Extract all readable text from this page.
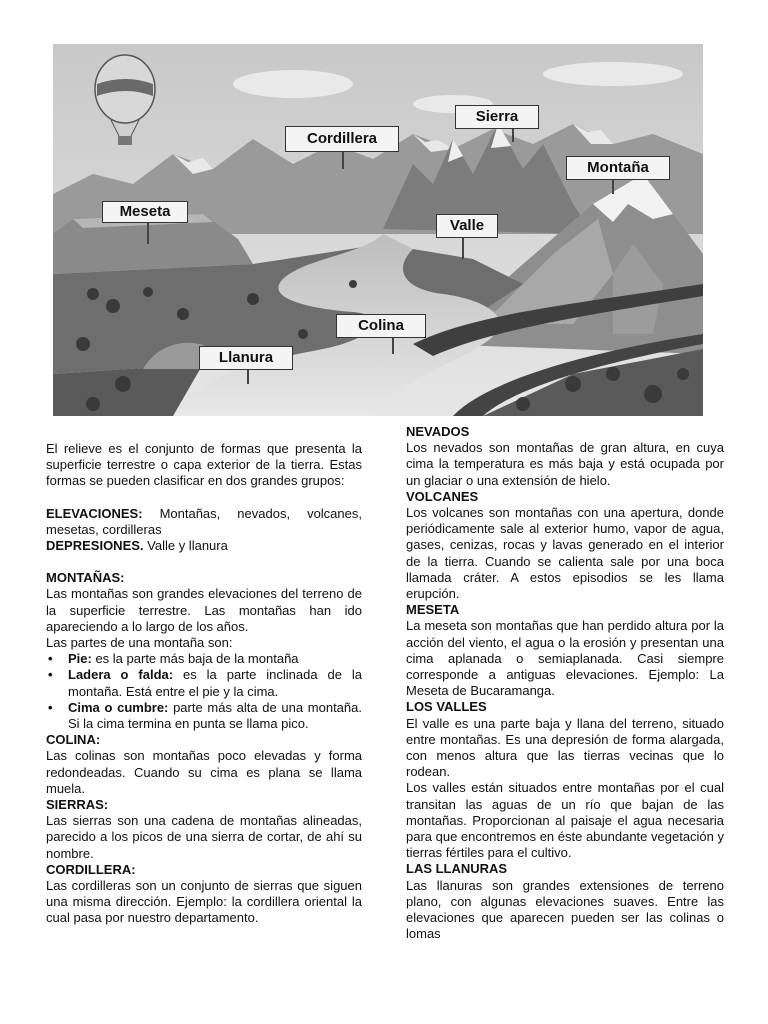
Cordillera
Sierra
Montaña
Meseta
Valle
Colina
Llanura
El relieve es el conjunto de formas que presenta la superficie terrestre o capa exterior de la tierra. Estas formas se pueden clasificar en dos grandes grupos:
ELEVACIONES: Montañas, nevados, volcanes, mesetas, cordilleras
DEPRESIONES. Valle y llanura
MONTAÑAS:
Las montañas son grandes elevaciones del terreno de la superficie terrestre. Las montañas han ido apareciendo a lo largo de los años.
Las partes de una montaña son:
• Pie: es la parte más baja de la montaña
• Ladera o falda: es la parte inclinada de la montaña. Está entre el pie y la cima.
• Cima o cumbre: parte más alta de una montaña. Si la cima termina en punta se llama pico.
COLINA:
Las colinas son montañas poco elevadas y forma redondeadas. Cuando su cima es plana se llama muela.
SIERRAS:
Las sierras son una cadena de montañas alineadas, parecido a los picos de una sierra de cortar, de ahí su nombre.
CORDILLERA:
Las cordilleras son un conjunto de sierras que siguen una misma dirección. Ejemplo: la cordillera oriental la cual pasa por nuestro departamento.
NEVADOS
Los nevados son montañas de gran altura, en cuya cima la temperatura es más baja y está ocupada por un glaciar o una extensión de hielo.
VOLCANES
Los volcanes son montañas con una apertura, donde periódicamente sale al exterior humo, vapor de agua, gases, cenizas, rocas y lavas generado en el interior de la tierra. Cuando se calienta sale por una boca llamada cráter. A estos episodios se les llama erupción.
MESETA
La meseta son montañas que han perdido altura por la acción del viento, el agua o la erosión y presentan una cima aplanada o semiaplanada. Casi siempre corresponde a antiguas elevaciones. Ejemplo: La Meseta de Bucaramanga.
LOS VALLES
El valle es una parte baja y llana del terreno, situado entre montañas. Es una depresión de forma alargada, con menos altura que las tierras vecinas que lo rodean.
Los valles están situados entre montañas por el cual transitan las aguas de un río que bajan de las montañas. Proporcionan al paisaje el agua necesaria para que encontremos en éste abundante vegetación y tierras fértiles para el cultivo.
LAS LLANURAS
Las llanuras son grandes extensiones de terreno plano, con algunas elevaciones suaves. Entre las elevaciones que aparecen pueden ser las colinas o lomas
